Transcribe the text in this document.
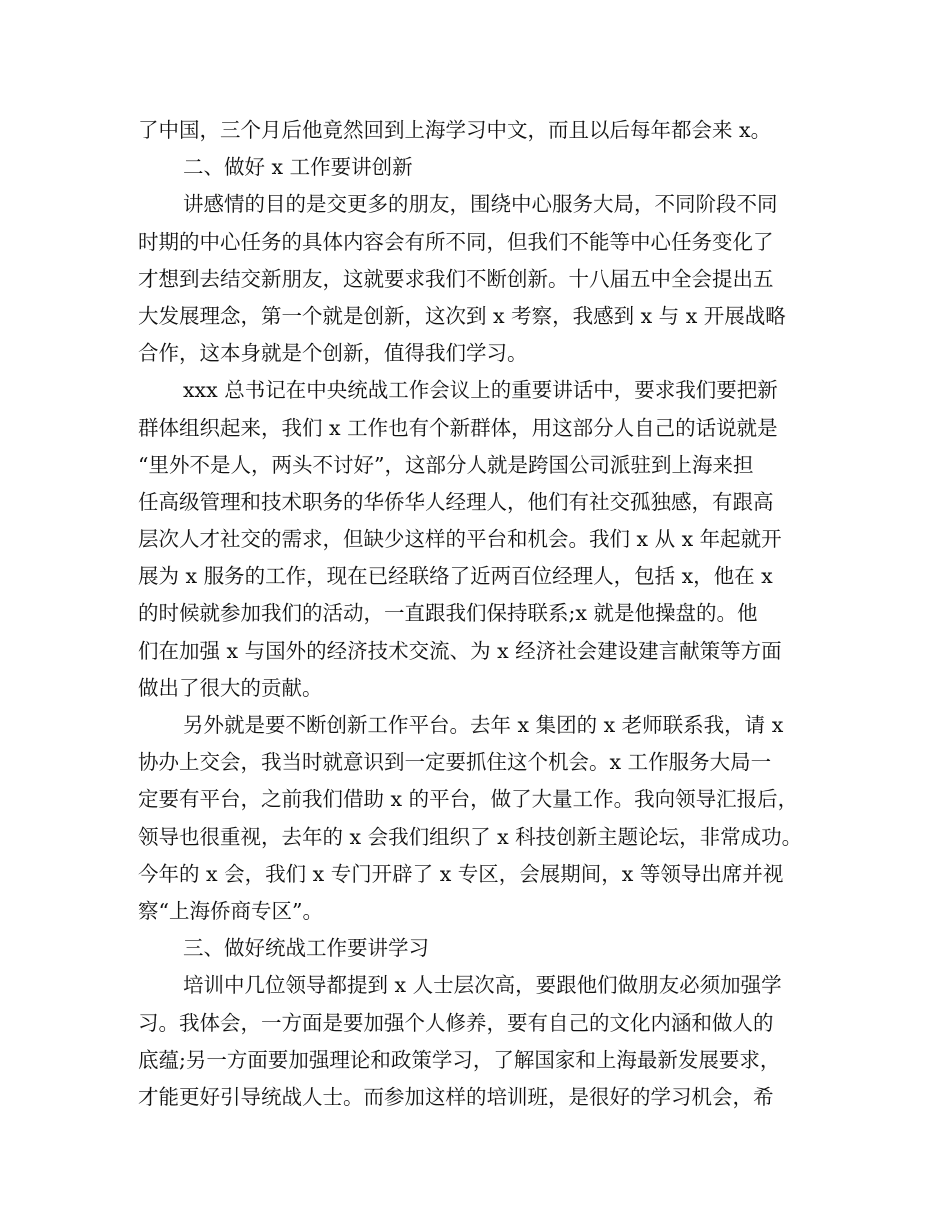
了中国，三个月后他竟然回到上海学习中文，而且以后每年都会来 x。
二、做好 x 工作要讲创新
讲感情的目的是交更多的朋友，围绕中心服务大局，不同阶段不同
时期的中心任务的具体内容会有所不同，但我们不能等中心任务变化了
才想到去结交新朋友，这就要求我们不断创新。十八届五中全会提出五
大发展理念，第一个就是创新，这次到 x 考察，我感到 x 与 x 开展战略
合作，这本身就是个创新，值得我们学习。
xxx 总书记在中央统战工作会议上的重要讲话中，要求我们要把新
群体组织起来，我们 x 工作也有个新群体，用这部分人自己的话说就是
“里外不是人，两头不讨好”，这部分人就是跨国公司派驻到上海来担
任高级管理和技术职务的华侨华人经理人，他们有社交孤独感，有跟高
层次人才社交的需求，但缺少这样的平台和机会。我们 x 从 x 年起就开
展为 x 服务的工作，现在已经联络了近两百位经理人，包括 x，他在 x
的时候就参加我们的活动，一直跟我们保持联系;x 就是他操盘的。他
们在加强 x 与国外的经济技术交流、为 x 经济社会建设建言献策等方面
做出了很大的贡献。
另外就是要不断创新工作平台。去年 x 集团的 x 老师联系我，请 x
协办上交会，我当时就意识到一定要抓住这个机会。x 工作服务大局一
定要有平台，之前我们借助 x 的平台，做了大量工作。我向领导汇报后，
领导也很重视，去年的 x 会我们组织了 x 科技创新主题论坛，非常成功。
今年的 x 会，我们 x 专门开辟了 x 专区，会展期间，x 等领导出席并视
察“上海侨商专区”。
三、做好统战工作要讲学习
培训中几位领导都提到 x 人士层次高，要跟他们做朋友必须加强学
习。我体会，一方面是要加强个人修养，要有自己的文化内涵和做人的
底蕴;另一方面要加强理论和政策学习，了解国家和上海最新发展要求，
才能更好引导统战人士。而参加这样的培训班，是很好的学习机会，希
